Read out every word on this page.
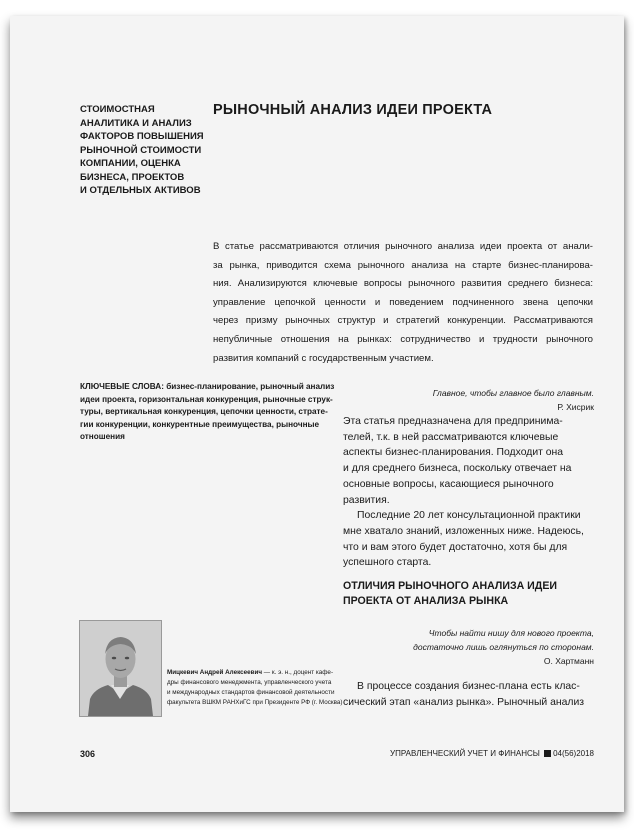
СТОИМОСТНАЯ
АНАЛИТИКА И АНАЛИЗ
ФАКТОРОВ ПОВЫШЕНИЯ
РЫНОЧНОЙ СТОИМОСТИ
КОМПАНИИ, ОЦЕНКА
БИЗНЕСА, ПРОЕКТОВ
И ОТДЕЛЬНЫХ АКТИВОВ
РЫНОЧНЫЙ АНАЛИЗ ИДЕИ ПРОЕКТА
В статье рассматриваются отличия рыночного анализа идеи проекта от анали-
за рынка, приводится схема рыночного анализа на старте бизнес-планирова-
ния. Анализируются ключевые вопросы рыночного развития среднего бизнеса:
управление цепочкой ценности и поведением подчиненного звена цепочки
через призму рыночных структур и стратегий конкуренции. Рассматриваются
непубличные отношения на рынках: сотрудничество и трудности рыночного
развития компаний с государственным участием.
КЛЮЧЕВЫЕ СЛОВА: бизнес-планирование, рыночный анализ
идеи проекта, горизонтальная конкуренция, рыночные струк-
туры, вертикальная конкуренция, цепочки ценности, страте-
гии конкуренции, конкурентные преимущества, рыночные
отношения
Главное, чтобы главное было главным.
Р. Хисрик
Эта статья предназначена для предпринима-
телей, т.к. в ней рассматриваются ключевые
аспекты бизнес-планирования. Подходит она
и для среднего бизнеса, поскольку отвечает на
основные вопросы, касающиеся рыночного
развития.
Последние 20 лет консультационной практики
мне хватало знаний, изложенных ниже. Надеюсь,
что и вам этого будет достаточно, хотя бы для
успешного старта.
ОТЛИЧИЯ РЫНОЧНОГО АНАЛИЗА ИДЕИ
ПРОЕКТА ОТ АНАЛИЗА РЫНКА
Чтобы найти нишу для нового проекта,
достаточно лишь оглянуться по сторонам.
О. Хартманн
В процессе создания бизнес-плана есть клас-
сический этап «анализ рынка». Рыночный анализ
Мицкевич Андрей Алексеевич — к. э. н., доцент кафе-
дры финансового менеджмента, управленческого учета
и международных стандартов финансовой деятельности
факультета ВШКМ РАНХиГС при Президенте РФ (г. Москва)
306	УПРАВЛЕНЧЕСКИЙ УЧЕТ И ФИНАНСЫ 04(56)2018
